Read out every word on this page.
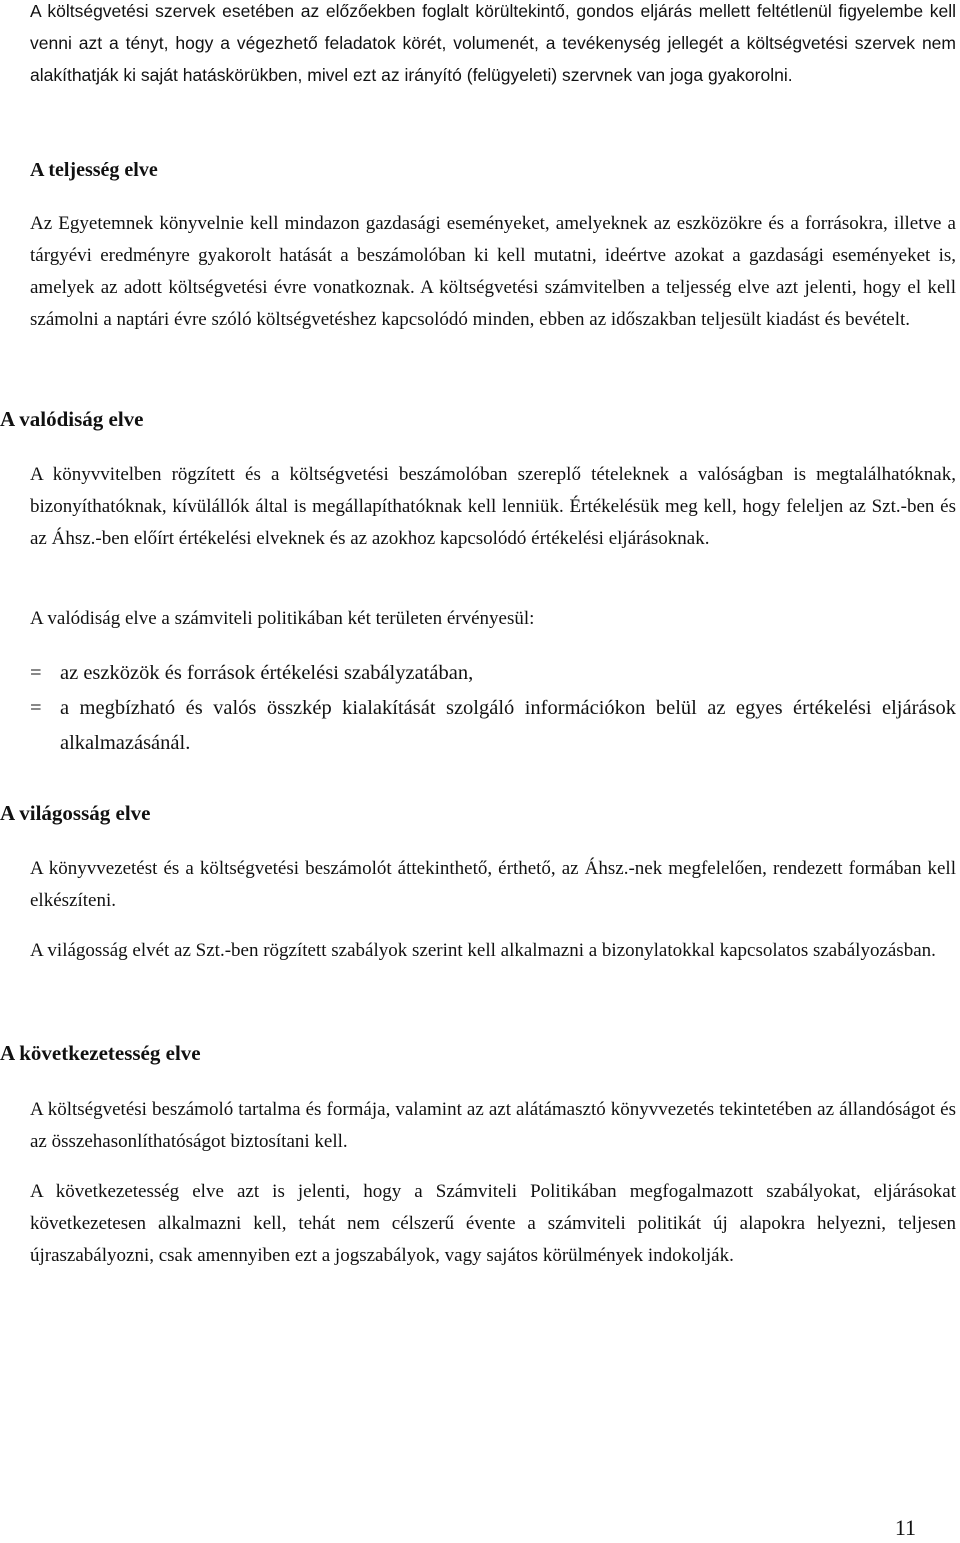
A költségvetési szervek esetében az előzőekben foglalt körültekintő, gondos eljárás mellett feltétlenül figyelembe kell venni azt a tényt, hogy a végezhető feladatok körét, volumenét, a tevékenység jellegét a költségvetési szervek nem alakíthatják ki saját hatáskörükben, mivel ezt az irányító (felügyeleti) szervnek van joga gyakorolni.

A teljesség elve

Az Egyetemnek könyvelnie kell mindazon gazdasági eseményeket, amelyeknek az eszközökre és a forrásokra, illetve a tárgyévi eredményre gyakorolt hatását a beszámolóban ki kell mutatni, ideértve azokat a gazdasági eseményeket is, amelyek az adott költségvetési évre vonatkoznak. A költségvetési számvitelben a teljesség elve azt jelenti, hogy el kell számolni a naptári évre szóló költségvetéshez kapcsolódó minden, ebben az időszakban teljesült kiadást és bevételt.

A valódiság elve

A könyvvitelben rögzített és a költségvetési beszámolóban szereplő tételeknek a valóságban is megtalálhatóknak, bizonyíthatóknak, kívülállók által is megállapíthatóknak kell lenniük. Értékelésük meg kell, hogy feleljen az Szt.-ben és az Áhsz.-ben előírt értékelési elveknek és az azokhoz kapcsolódó értékelési eljárásoknak.

A valódiság elve a számviteli politikában két területen érvényesül:

= az eszközök és források értékelési szabályzatában,
= a megbízható és valós összkép kialakítását szolgáló információkon belül az egyes értékelési eljárások alkalmazásánál.
A világosság elve

A könyvvezetést és a költségvetési beszámolót áttekinthető, érthető, az Áhsz.-nek megfelelően, rendezett formában kell elkészíteni.

A világosság elvét az Szt.-ben rögzített szabályok szerint kell alkalmazni a bizonylatokkal kapcsolatos szabályozásban.

A következetesség elve

A költségvetési beszámoló tartalma és formája, valamint az azt alátámasztó könyvvezetés tekintetében az állandóságot és az összehasonlíthatóságot biztosítani kell.

A következetesség elve azt is jelenti, hogy a Számviteli Politikában megfogalmazott szabályokat, eljárásokat következetesen alkalmazni kell, tehát nem célszerű évente a számviteli politikát új alapokra helyezni, teljesen újraszabályozni, csak amennyiben ezt a jogszabályok, vagy sajátos körülmények indokolják.

11
